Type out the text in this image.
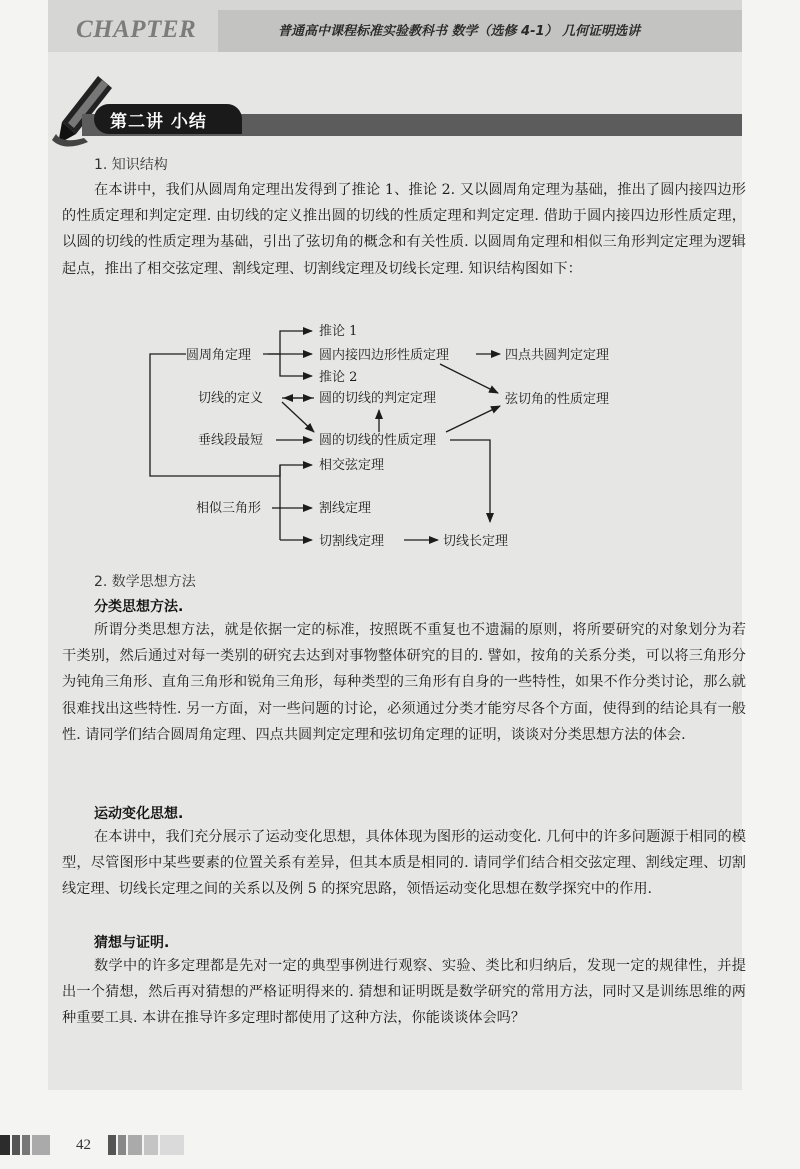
CHAPTER	普通高中课程标准实验教科书 数学（选修 4-1） 几何证明选讲
第二讲 小结
1. 知识结构

在本讲中，我们从圆周角定理出发得到了推论 1、推论 2. 又以圆周角定理为基础，推出了圆内接四边形的性质定理和判定定理. 由切线的定义推出圆的切线的性质定理和判定定理. 借助于圆内接四边形性质定理，以圆的切线的性质定理为基础，引出了弦切角的概念和有关性质. 以圆周角定理和相似三角形判定定理为逻辑起点，推出了相交弦定理、割线定理、切割线定理及切线长定理. 知识结构图如下：

推论 1
圆周角定理	圆内接四边形性质定理	四点共圆判定定理
推论 2
切线的定义	圆的切线的判定定理	弦切角的性质定理
垂线段最短	圆的切线的性质定理
相交弦定理
相似三角形	割线定理
切割线定理	切线长定理
2. 数学思想方法
分类思想方法.

所谓分类思想方法，就是依据一定的标准，按照既不重复也不遗漏的原则，将所要研究的对象划分为若干类别，然后通过对每一类别的研究去达到对事物整体研究的目的. 譬如，按角的关系分类，可以将三角形分为钝角三角形、直角三角形和锐角三角形，每种类型的三角形有自身的一些特性，如果不作分类讨论，那么就很难找出这些特性. 另一方面，对一些问题的讨论，必须通过分类才能穷尽各个方面，使得到的结论具有一般性. 请同学们结合圆周角定理、四点共圆判定定理和弦切角定理的证明，谈谈对分类思想方法的体会.

运动变化思想.

在本讲中，我们充分展示了运动变化思想，具体体现为图形的运动变化. 几何中的许多问题源于相同的模型，尽管图形中某些要素的位置关系有差异，但其本质是相同的. 请同学们结合相交弦定理、割线定理、切割线定理、切线长定理之间的关系以及例 5 的探究思路，领悟运动变化思想在数学探究中的作用.

猜想与证明.

数学中的许多定理都是先对一定的典型事例进行观察、实验、类比和归纳后，发现一定的规律性，并提出一个猜想，然后再对猜想的严格证明得来的. 猜想和证明既是数学研究的常用方法，同时又是训练思维的两种重要工具. 本讲在推导许多定理时都使用了这种方法，你能谈谈体会吗？

42
